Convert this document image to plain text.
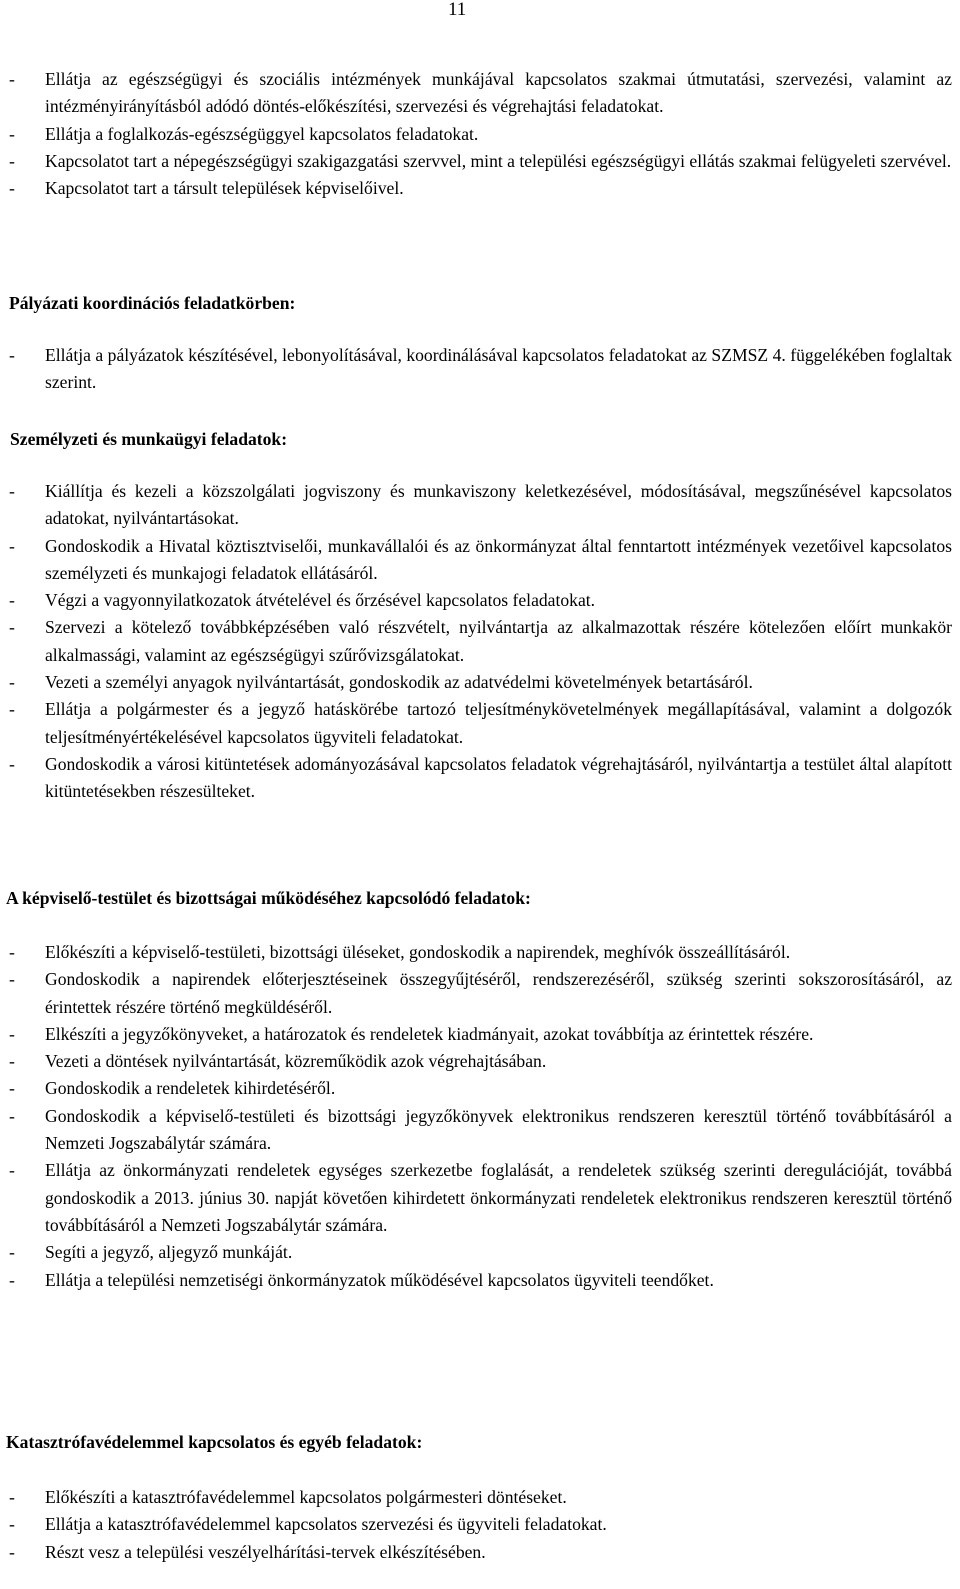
11
- Ellátja az egészségügyi és szociális intézmények munkájával kapcsolatos szakmai útmutatási, szervezési, valamint az intézményirányításból adódó döntés-előkészítési, szervezési és végrehajtási feladatokat.
- Ellátja a foglalkozás-egészségüggyel kapcsolatos feladatokat.
- Kapcsolatot tart a népegészségügyi szakigazgatási szervvel, mint a települési egészségügyi ellátás szakmai felügyeleti szervével.
- Kapcsolatot tart a társult települések képviselőivel.
Pályázati koordinációs feladatkörben:
- Ellátja a pályázatok készítésével, lebonyolításával, koordinálásával kapcsolatos feladatokat az SZMSZ 4. függelékében foglaltak szerint.
Személyzeti és munkaügyi feladatok:
- Kiállítja és kezeli a közszolgálati jogviszony és munkaviszony keletkezésével, módosításával, megszűnésével kapcsolatos adatokat, nyilvántartásokat.
- Gondoskodik a Hivatal köztisztviselői, munkavállalói és az önkormányzat által fenntartott intézmények vezetőivel kapcsolatos személyzeti és munkajogi feladatok ellátásáról.
- Végzi a vagyonnyilatkozatok átvételével és őrzésével kapcsolatos feladatokat.
- Szervezi a kötelező továbbképzésében való részvételt, nyilvántartja az alkalmazottak részére kötelezően előírt munkakör alkalmassági, valamint az egészségügyi szűrővizsgálatokat.
- Vezeti a személyi anyagok nyilvántartását, gondoskodik az adatvédelmi követelmények betartásáról.
- Ellátja a polgármester és a jegyző hatáskörébe tartozó teljesítménykövetelmények megállapításával, valamint a dolgozók teljesítményértékelésével kapcsolatos ügyviteli feladatokat.
- Gondoskodik a városi kitüntetések adományozásával kapcsolatos feladatok végrehajtásáról, nyilvántartja a testület által alapított kitüntetésekben részesülteket.
A képviselő-testület és bizottságai működéséhez kapcsolódó feladatok:
- Előkészíti a képviselő-testületi, bizottsági üléseket, gondoskodik a napirendek, meghívók összeállításáról.
- Gondoskodik a napirendek előterjesztéseinek összegyűjtéséről, rendszerezéséről, szükség szerinti sokszorosításáról, az érintettek részére történő megküldéséről.
- Elkészíti a jegyzőkönyveket, a határozatok és rendeletek kiadmányait, azokat továbbítja az érintettek részére.
- Vezeti a döntések nyilvántartását, közreműködik azok végrehajtásában.
- Gondoskodik a rendeletek kihirdetéséről.
- Gondoskodik a képviselő-testületi és bizottsági jegyzőkönyvek elektronikus rendszeren keresztül történő továbbításáról a Nemzeti Jogszabálytár számára.
- Ellátja az önkormányzati rendeletek egységes szerkezetbe foglalását, a rendeletek szükség szerinti deregulációját, továbbá gondoskodik a 2013. június 30. napját követően kihirdetett önkormányzati rendeletek elektronikus rendszeren keresztül történő továbbításáról a Nemzeti Jogszabálytár számára.
- Segíti a jegyző, aljegyző munkáját.
- Ellátja a települési nemzetiségi önkormányzatok működésével kapcsolatos ügyviteli teendőket.
Katasztrófavédelemmel kapcsolatos és egyéb feladatok:
- Előkészíti a katasztrófavédelemmel kapcsolatos polgármesteri döntéseket.
- Ellátja a katasztrófavédelemmel kapcsolatos szervezési és ügyviteli feladatokat.
- Részt vesz a települési veszélyelhárítási-tervek elkészítésében.
